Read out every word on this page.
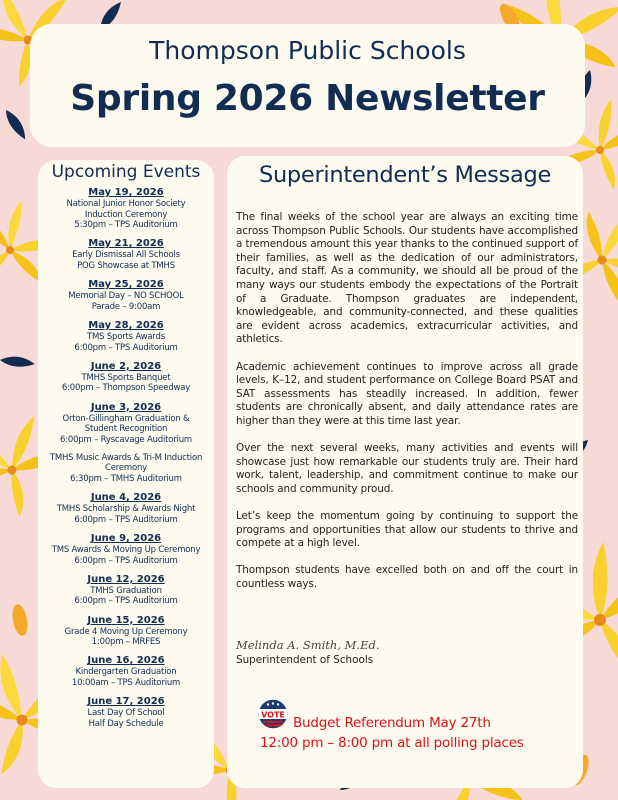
Thompson Public Schools
Spring 2026 Newsletter
Upcoming Events
May 19, 2026
National Junior Honor Society
Induction Ceremony
5:30pm – TPS Auditorium
May 21, 2026
Early Dismissal All Schools
POG Showcase at TMHS
May 25, 2026
Memorial Day – NO SCHOOL
Parade – 9:00am
May 28, 2026
TMS Sports Awards
6:00pm – TPS Auditorium
June 2, 2026
TMHS Sports Banquet
6:00pm – Thompson Speedway
June 3, 2026
Orton-Gillingham Graduation &
Student Recognition
6:00pm – Ryscavage Auditorium
TMHS Music Awards & Tri-M Induction
Ceremony
6:30pm – TMHS Auditorium
June 4, 2026
TMHS Scholarship & Awards Night
6:00pm – TPS Auditorium
June 9, 2026
TMS Awards & Moving Up Ceremony
6:00pm – TPS Auditorium
June 12, 2026
TMHS Graduation
6:00pm – TPS Auditorium
June 15, 2026
Grade 4 Moving Up Ceremony
1:00pm – MRFES
June 16, 2026
Kindergarten Graduation
10:00am – TPS Auditorium
June 17, 2026
Last Day Of School
Half Day Schedule
Superintendent’s Message

The final weeks of the school year are always an exciting time across Thompson Public Schools. Our students have accomplished a tremendous amount this year thanks to the continued support of their families, as well as the dedication of our administrators, faculty, and staff. As a community, we should all be proud of the many ways our students embody the expectations of the Portrait of a Graduate. Thompson graduates are independent, knowledgeable, and community-connected, and these qualities are evident across academics, extracurricular activities, and athletics.

Academic achievement continues to improve across all grade levels, K–12, and student performance on College Board PSAT and SAT assessments has steadily increased. In addition, fewer students are chronically absent, and daily attendance rates are higher than they were at this time last year.

Over the next several weeks, many activities and events will showcase just how remarkable our students truly are. Their hard work, talent, leadership, and commitment continue to make our schools and community proud.

Let’s keep the momentum going by continuing to support the programs and opportunities that allow our students to thrive and compete at a high level.

Thompson students have excelled both on and off the court in countless ways.

Melinda A. Smith, M.Ed.
Superintendent of Schools
VOTE Budget Referendum May 27th
12:00 pm – 8:00 pm at all polling places
